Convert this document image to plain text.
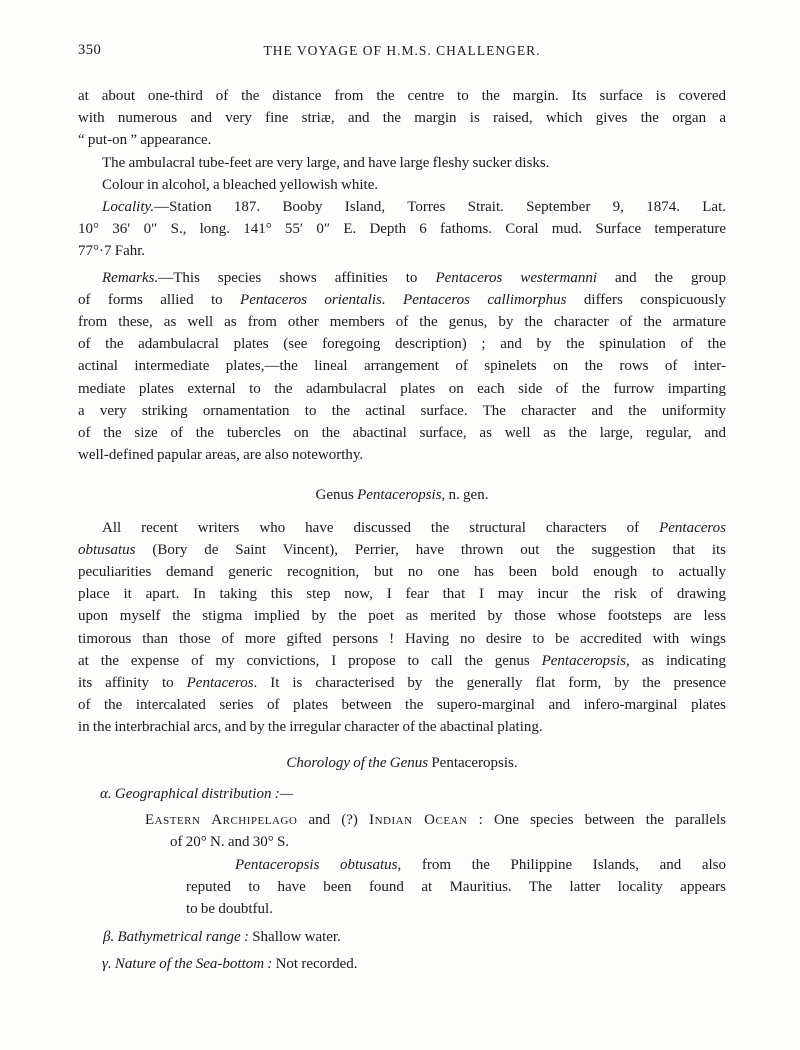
350	THE VOYAGE OF H.M.S. CHALLENGER.
at about one-third of the distance from the centre to the margin. Its surface is covered
with numerous and very fine striæ, and the margin is raised, which gives the organ a
“ put-on ” appearance.
The ambulacral tube-feet are very large, and have large fleshy sucker disks.
Colour in alcohol, a bleached yellowish white.
Locality.—Station 187. Booby Island, Torres Strait. September 9, 1874. Lat.
10° 36′ 0″ S., long. 141° 55′ 0″ E. Depth 6 fathoms. Coral mud. Surface temperature
77°·7 Fahr.
Remarks.—This species shows affinities to Pentaceros westermanni and the group
of forms allied to Pentaceros orientalis. Pentaceros callimorphus differs conspicuously
from these, as well as from other members of the genus, by the character of the armature
of the adambulacral plates (see foregoing description) ; and by the spinulation of the
actinal intermediate plates,—the lineal arrangement of spinelets on the rows of inter-
mediate plates external to the adambulacral plates on each side of the furrow imparting
a very striking ornamentation to the actinal surface. The character and the uniformity
of the size of the tubercles on the abactinal surface, as well as the large, regular, and
well-defined papular areas, are also noteworthy.
Genus Pentaceropsis, n. gen.
All recent writers who have discussed the structural characters of Pentaceros
obtusatus (Bory de Saint Vincent), Perrier, have thrown out the suggestion that its
peculiarities demand generic recognition, but no one has been bold enough to actually
place it apart. In taking this step now, I fear that I may incur the risk of drawing
upon myself the stigma implied by the poet as merited by those whose footsteps are less
timorous than those of more gifted persons ! Having no desire to be accredited with wings
at the expense of my convictions, I propose to call the genus Pentaceropsis, as indicating
its affinity to Pentaceros. It is characterised by the generally flat form, by the presence
of the intercalated series of plates between the supero-marginal and infero-marginal plates
in the interbrachial arcs, and by the irregular character of the abactinal plating.
Chorology of the Genus Pentaceropsis.
α. Geographical distribution :—
Eastern Archipelago and (?) Indian Ocean : One species between the parallels
of 20° N. and 30° S.
Pentaceropsis obtusatus, from the Philippine Islands, and also
reputed to have been found at Mauritius. The latter locality appears
to be doubtful.
β. Bathymetrical range : Shallow water.
γ. Nature of the Sea-bottom : Not recorded.
